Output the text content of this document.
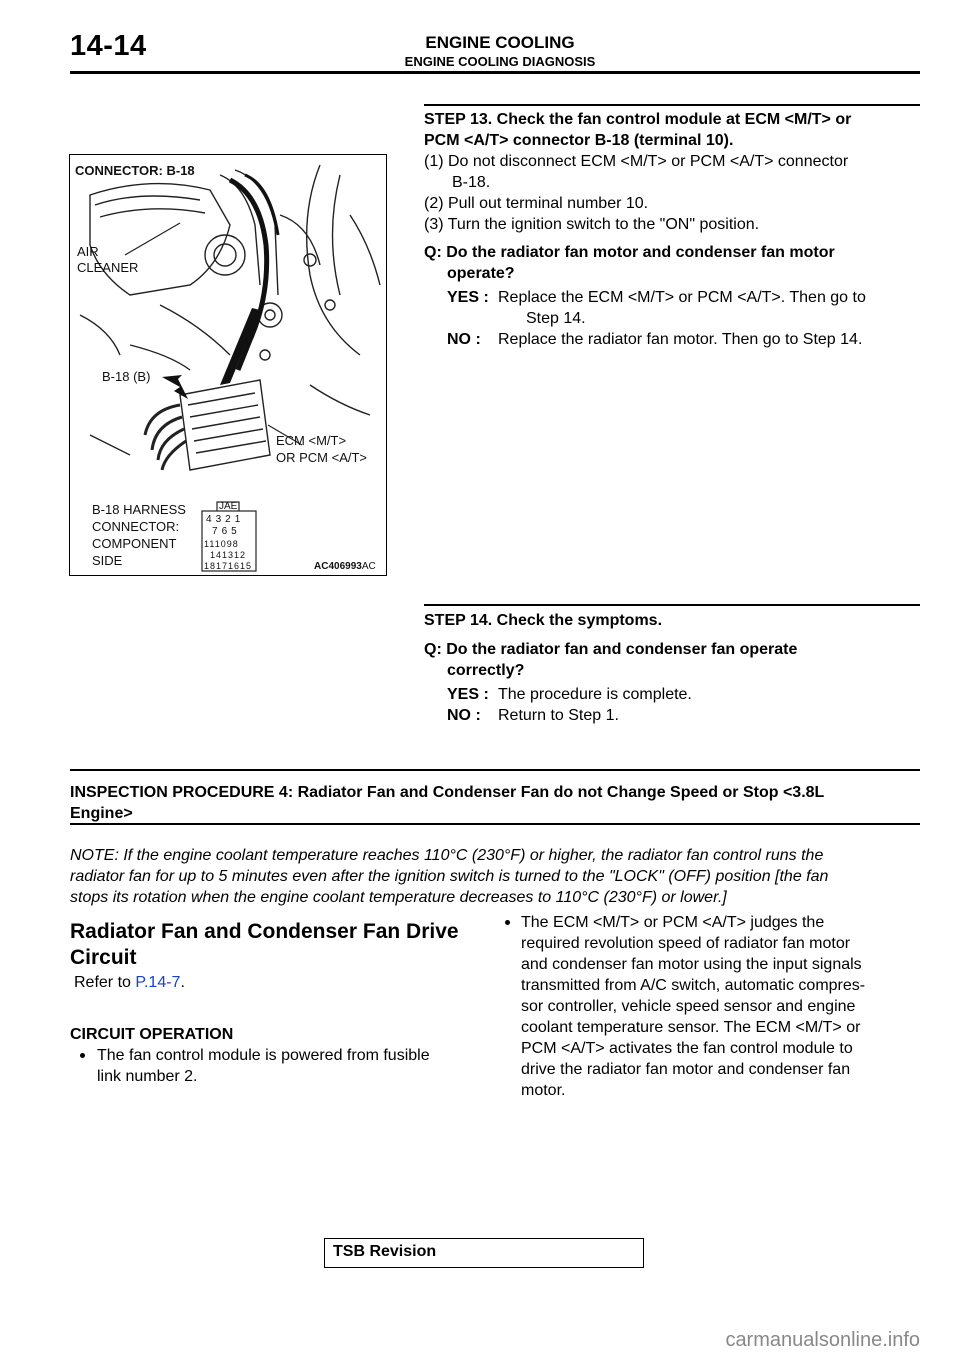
14-14	ENGINE COOLING
ENGINE COOLING DIAGNOSIS
CONNECTOR: B-18
AIR
CLEANER
B-18 (B)
ECM <M/T>
OR PCM <A/T>
B-18 HARNESS
CONNECTOR:
COMPONENT
SIDE
JAE
4321
765
111098
141312
18171615	AC406993AC
STEP 13. Check the fan control module at ECM <M/T> or
PCM <A/T> connector B-18 (terminal 10).
(1) Do not disconnect ECM <M/T> or PCM <A/T> connector
B-18.
(2) Pull out terminal number 10.
(3) Turn the ignition switch to the "ON" position.
Q: Do the radiator fan motor and condenser fan motor
operate?
YES : Replace the ECM <M/T> or PCM <A/T>. Then go to
Step 14.
NO : Replace the radiator fan motor. Then go to Step 14.
STEP 14. Check the symptoms.
Q: Do the radiator fan and condenser fan operate
correctly?
YES : The procedure is complete.
NO : Return to Step 1.
INSPECTION PROCEDURE 4: Radiator Fan and Condenser Fan do not Change Speed or Stop <3.8L
Engine>
NOTE: If the engine coolant temperature reaches 110°C (230°F) or higher, the radiator fan control runs the
radiator fan for up to 5 minutes even after the ignition switch is turned to the "LOCK" (OFF) position [the fan
stops its rotation when the engine coolant temperature decreases to 110°C (230°F) or lower.]
Radiator Fan and Condenser Fan Drive
Circuit
Refer to P.14-7.
CIRCUIT OPERATION
The fan control module is powered from fusible
link number 2.
The ECM <M/T> or PCM <A/T> judges the
required revolution speed of radiator fan motor
and condenser fan motor using the input signals
transmitted from A/C switch, automatic compres-
sor controller, vehicle speed sensor and engine
coolant temperature sensor. The ECM <M/T> or
PCM <A/T> activates the fan control module to
drive the radiator fan motor and condenser fan
motor.
TSB Revision
carmanualsonline.info
